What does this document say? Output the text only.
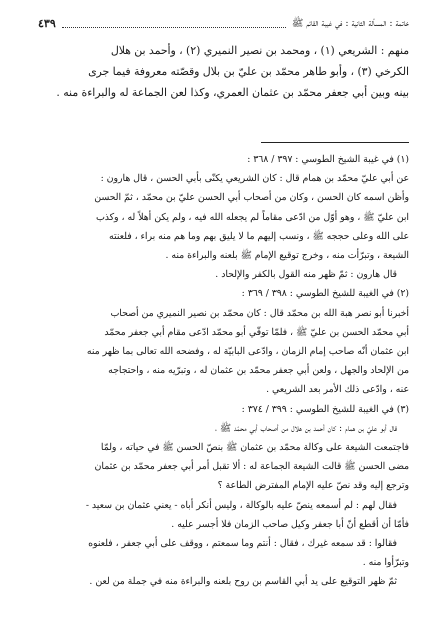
خاتمة : المسألة الثانية : في غيبة القائم ﷺ
٤٣٩

منهم : الشريعي (١) ، ومحمد بن نصير النميري (٢) ، وأحمد بن هلال

الكرخي (٣) ، وأبو طاهر محمّد بن عليّ بن بلال وقصّته معروفة فيما جرى

بينه وبين أبي جعفر محمّد بن عثمان العمري، وكذا لعن الجماعة له والبراءة منه .

(١) في غيبة الشيخ الطوسي : ٣٩٧ / ٣٦٨ :

عن أبي عليّ محمّد بن همام قال : كان الشريعي يكنّى بأبي الحسن ، قال هارون :

وأظن اسمه كان الحسن ، وكان من أصحاب أبي الحسن عليّ بن محمّد ، ثمّ الحسن

ابن عليّ ﷺ ، وهو أوّل من ادّعى مقاماً لم يجعله الله فيه ، ولم يكن أهلاً له ، وكذب

على الله وعلى حججه ﷺ ، ونسب إليهم ما لا يليق بهم وما هم منه براء ، فلعنته

الشيعة ، وتبرّأت منه ، وخرج توقيع الإمام ﷺ بلعنه والبراءة منه .

قال هارون : ثمّ ظهر منه القول بالكفر والإلحاد .

(٢) في الغيبة للشيخ الطوسي : ٣٩٨ / ٣٦٩ :

أخبرنا أبو نصر هبة الله بن محمّد قال : كان محمّد بن نصير النميري من أصحاب

أبي محمّد الحسن بن عليّ ﷺ ، فلمّا توفّي أبو محمّد ادّعى مقام أبي جعفر محمّد

ابن عثمان أنّه صاحب إمام الزمان ، وادّعى البابيّة له ، وفضحه الله تعالى بما ظهر منه

من الإلحاد والجهل ، ولعن أبي جعفر محمّد بن عثمان له ، وتبرّيه منه ، واحتجاجه

عنه ، وادّعى ذلك الأمر بعد الشريعي .

(٣) في الغيبة للشيخ الطوسي : ٣٩٩ / ٣٧٤ :

قال أبو عليّ بن همام : كان أحمد بن هلال من أصحاب أبي محمّد ﷺ ،

فاجتمعت الشيعة على وكالة محمّد بن عثمان ﷺ بنصّ الحسن ﷺ في حياته ، ولمّا

مضى الحسن ﷺ قالت الشيعة الجماعة له : ألا تقبل أمر أبي جعفر محمّد بن عثمان

وترجع إليه وقد نصّ عليه الإمام المفترض الطاعة ؟

فقال لهم : لم أسمعه ينصّ عليه بالوكالة ، وليس أنكر أباه - يعني عثمان بن سعيد -

فأمّا أن أقطع أنّ أبا جعفر وكيل صاحب الزمان فلا أجسر عليه .

فقالوا : قد سمعه غيرك ، فقال : أنتم وما سمعتم ، ووقف على أبي جعفر ، فلعنوه

وتبرّأوا منه .

ثمّ ظهر التوقيع على يد أبي القاسم بن روح بلعنه والبراءة منه في جملة من لعن .
